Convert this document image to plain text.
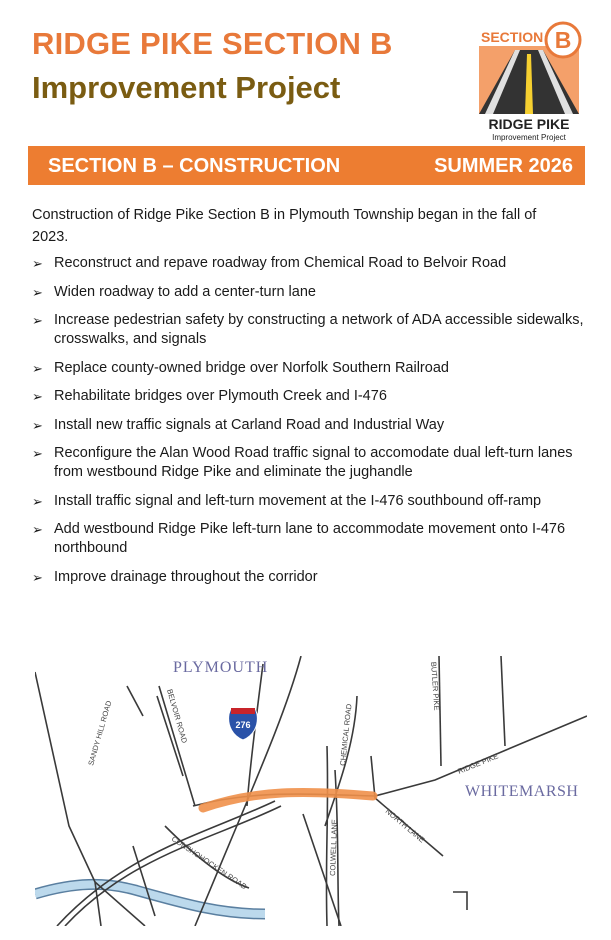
RIDGE PIKE SECTION B
Improvement Project
SECTION B
RIDGE PIKE
Improvement Project
SECTION B – CONSTRUCTION	SUMMER 2026
Construction of Ridge Pike Section B in Plymouth Township began in the fall of 2023.
➢ Reconstruct and repave roadway from Chemical Road to Belvoir Road
➢ Widen roadway to add a center-turn lane
➢ Increase pedestrian safety by constructing a network of ADA accessible sidewalks, crosswalks, and signals
➢ Replace county-owned bridge over Norfolk Southern Railroad
➢ Rehabilitate bridges over Plymouth Creek and I-476
➢ Install new traffic signals at Carland Road and Industrial Way
➢ Reconfigure the Alan Wood Road traffic signal to accomodate dual left-turn lanes from westbound Ridge Pike and eliminate the jughandle
➢ Install traffic signal and left-turn movement at the I-476 southbound off-ramp
➢ Add westbound Ridge Pike left-turn lane to accommodate movement onto I-476 northbound
➢ Improve drainage throughout the corridor
276
PLYMOUTH
WHITEMARSH
SANDY HILL ROAD	BELVOIR ROAD	CHEMICAL ROAD
BUTLER PIKE
RIDGE PIKE
NORTH LANE
COLWELL LANE
CONSHOHOCKEN ROAD
